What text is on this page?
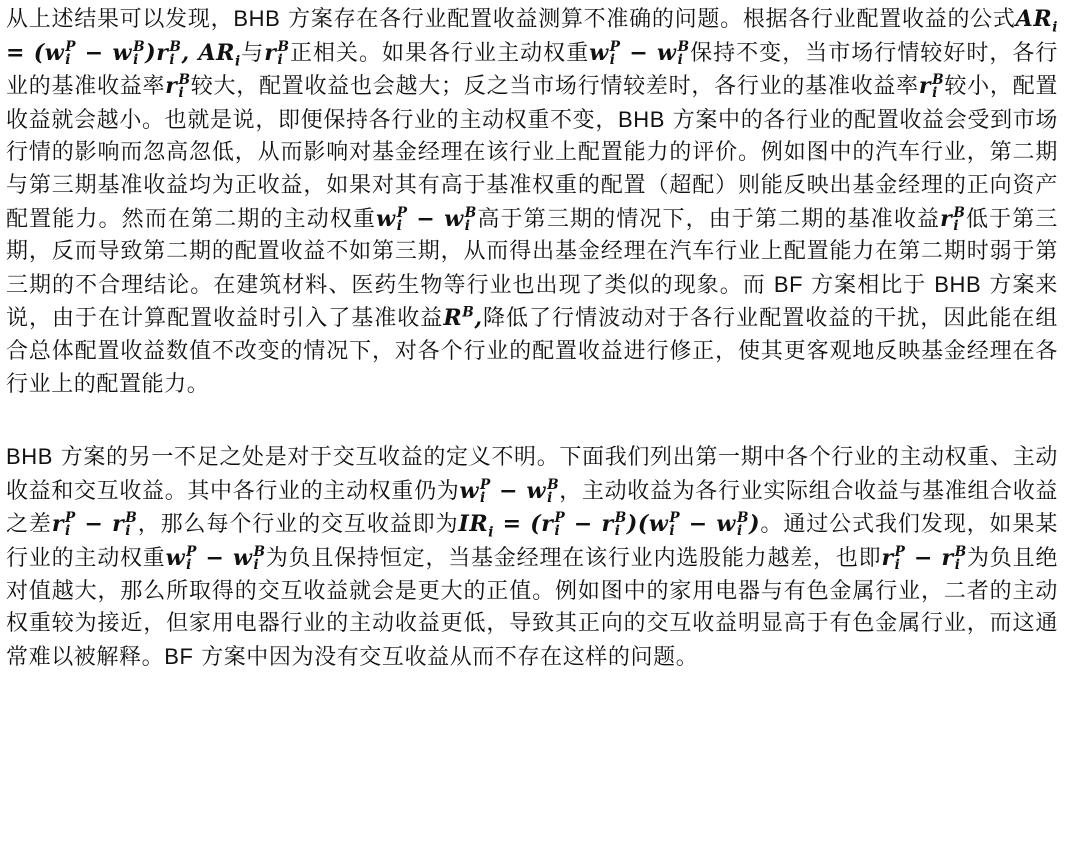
从上述结果可以发现，BHB 方案存在各行业配置收益测算不准确的问题。根据各行业配置收益的公式$AR_i = (w$ P
i − w B
i )r B
i , $AR_i$与r B
i 正相关。如果各行业主动权重w P
i − w B
i 保持不变，当市场行情较好时，各行业的基准收益率r B
i 较大，配置收益也会越大；反之当市场行情较差时，各行业的基准收益率r B
i 较小，配置收益就会越小。也就是说，即便保持各行业的主动权重不变，BHB 方案中的各行业的配置收益会受到市场行情的影响而忽高忽低，从而影响对基金经理在该行业上配置能力的评价。例如图中的汽车行业，第二期与第三期基准收益均为正收益，如果对其有高于基准权重的配置（超配）则能反映出基金经理的正向资产配置能力。然而在第二期的主动权重w P
i − w B
i 高于第三期的情况下，由于第二期的基准收益r B
i 低于第三期，反而导致第二期的配置收益不如第三期，从而得出基金经理在汽车行业上配置能力在第二期时弱于第三期的不合理结论。在建筑材料、医药生物等行业也出现了类似的现象。而 BF 方案相比于 BHB 方案来说，由于在计算配置收益时引入了基准收益$R^B$,降低了行情波动对于各行业配置收益的干扰，因此能在组合总体配置收益数值不改变的情况下，对各个行业的配置收益进行修正，使其更客观地反映基金经理在各行业上的配置能力。

BHB 方案的另一不足之处是对于交互收益的定义不明。下面我们列出第一期中各个行业的主动权重、主动收益和交互收益。其中各行业的主动权重仍为w P
i − w B
i ，主动收益为各行业实际组合收益与基准组合收益之差r P
i − r B
i ，那么每个行业的交互收益即为$IR_i = (r$ P
i − r B
i )(w P
i − w B
i )。通过公式我们发现，如果某行业的主动权重w P
i − w B
i 为负且保持恒定，当基金经理在该行业内选股能力越差，也即r P
i − r B
i 为负且绝对值越大，那么所取得的交互收益就会是更大的正值。例如图中的家用电器与有色金属行业，二者的主动权重较为接近，但家用电器行业的主动收益更低，导致其正向的交互收益明显高于有色金属行业，而这通常难以被解释。BF 方案中因为没有交互收益从而不存在这样的问题。
